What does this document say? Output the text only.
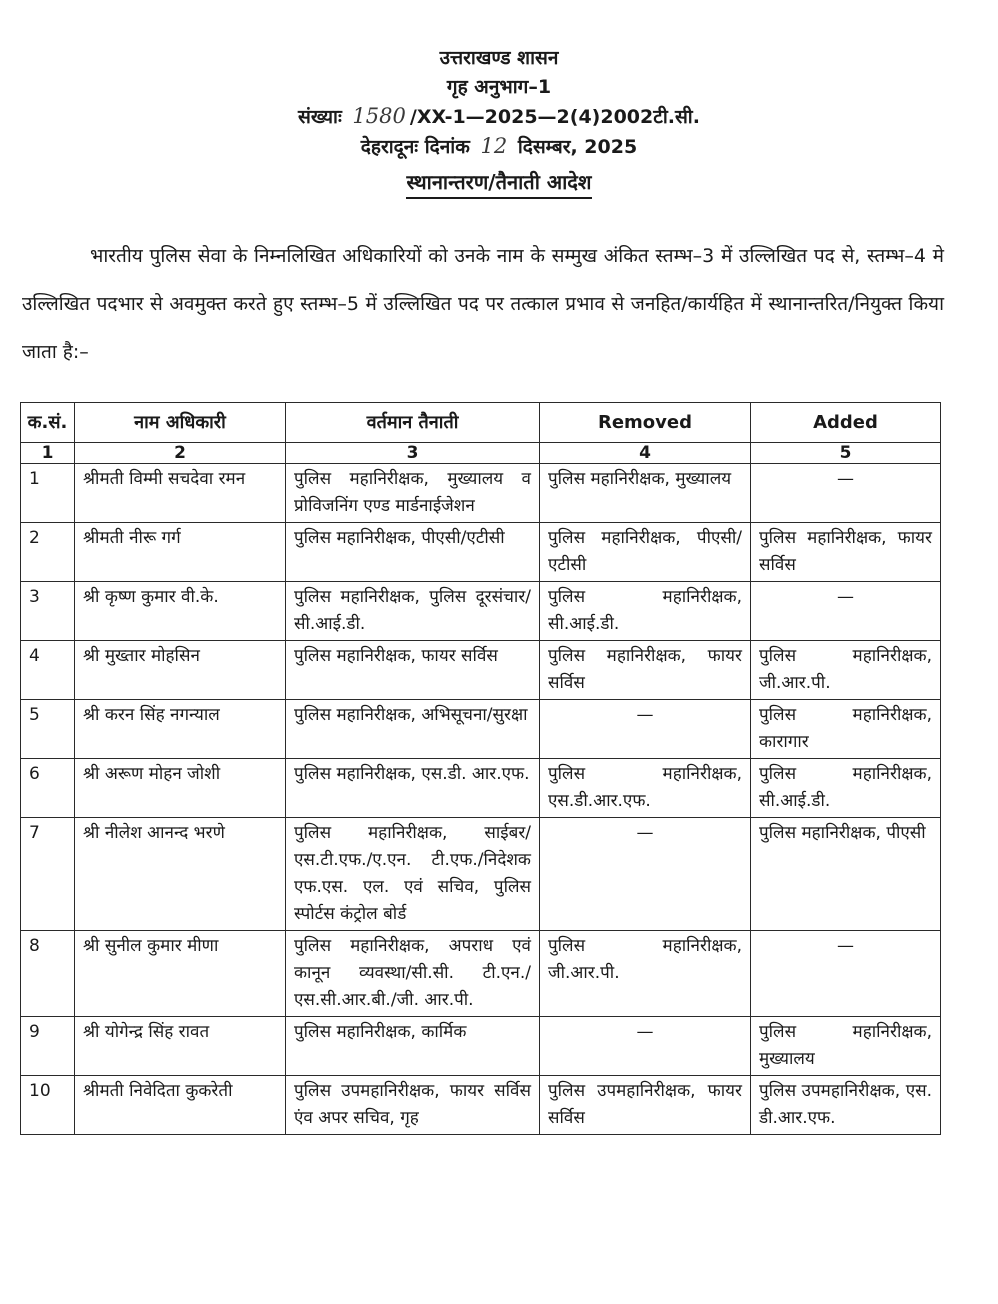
उत्तराखण्ड शासन
गृह अनुभाग–1
संख्याः 1580 /XX-1—2025—2(4)2002टी.सी.
देहरादूनः दिनांक 12 दिसम्बर, 2025
स्थानान्तरण/तैनाती आदेश
भारतीय पुलिस सेवा के निम्नलिखित अधिकारियों को उनके नाम के सम्मुख अंकित स्तम्भ–3 में उल्लिखित पद से, स्तम्भ–4 मे उल्लिखित पदभार से अवमुक्त करते हुए स्तम्भ–5 में उल्लिखित पद पर तत्काल प्रभाव से जनहित/कार्यहित में स्थानान्तरित/नियुक्त किया जाता है:–
क.सं.	नाम अधिकारी	वर्तमान तैनाती	Removed	Added
1	2	3	4	5
1	श्रीमती विम्मी सचदेवा रमन	पुलिस महानिरीक्षक, मुख्यालय व प्रोविजनिंग एण्ड मार्डनाईजेशन	पुलिस महानिरीक्षक, मुख्यालय	—
2	श्रीमती नीरू गर्ग	पुलिस महानिरीक्षक, पीएसी/एटीसी	पुलिस महानिरीक्षक, पीएसी/एटीसी	पुलिस महानिरीक्षक, फायर सर्विस
3	श्री कृष्ण कुमार वी.के.	पुलिस महानिरीक्षक, पुलिस दूरसंचार/सी.आई.डी.	पुलिस महानिरीक्षक, सी.आई.डी.	—
4	श्री मुख्तार मोहसिन	पुलिस महानिरीक्षक, फायर सर्विस	पुलिस महानिरीक्षक, फायर सर्विस	पुलिस महानिरीक्षक, जी.आर.पी.
5	श्री करन सिंह नगन्याल	पुलिस महानिरीक्षक, अभिसूचना/सुरक्षा	—	पुलिस महानिरीक्षक, कारागार
6	श्री अरूण मोहन जोशी	पुलिस महानिरीक्षक, एस.डी. आर.एफ.	पुलिस महानिरीक्षक, एस.डी.आर.एफ.	पुलिस महानिरीक्षक, सी.आई.डी.
7	श्री नीलेश आनन्द भरणे	पुलिस महानिरीक्षक, साईबर/एस.टी.एफ./ए.एन. टी.एफ./निदेशक एफ.एस. एल. एवं सचिव, पुलिस स्पोर्टस कंट्रोल बोर्ड	—	पुलिस महानिरीक्षक, पीएसी
8	श्री सुनील कुमार मीणा	पुलिस महानिरीक्षक, अपराध एवं कानून व्यवस्था/सी.सी. टी.एन./एस.सी.आर.बी./जी. आर.पी.	पुलिस महानिरीक्षक, जी.आर.पी.	—
9	श्री योगेन्द्र सिंह रावत	पुलिस महानिरीक्षक, कार्मिक	—	पुलिस महानिरीक्षक, मुख्यालय
10	श्रीमती निवेदिता कुकरेती	पुलिस उपमहानिरीक्षक, फायर सर्विस एंव अपर सचिव, गृह	पुलिस उपमहानिरीक्षक, फायर सर्विस	पुलिस उपमहानिरीक्षक, एस. डी.आर.एफ.
